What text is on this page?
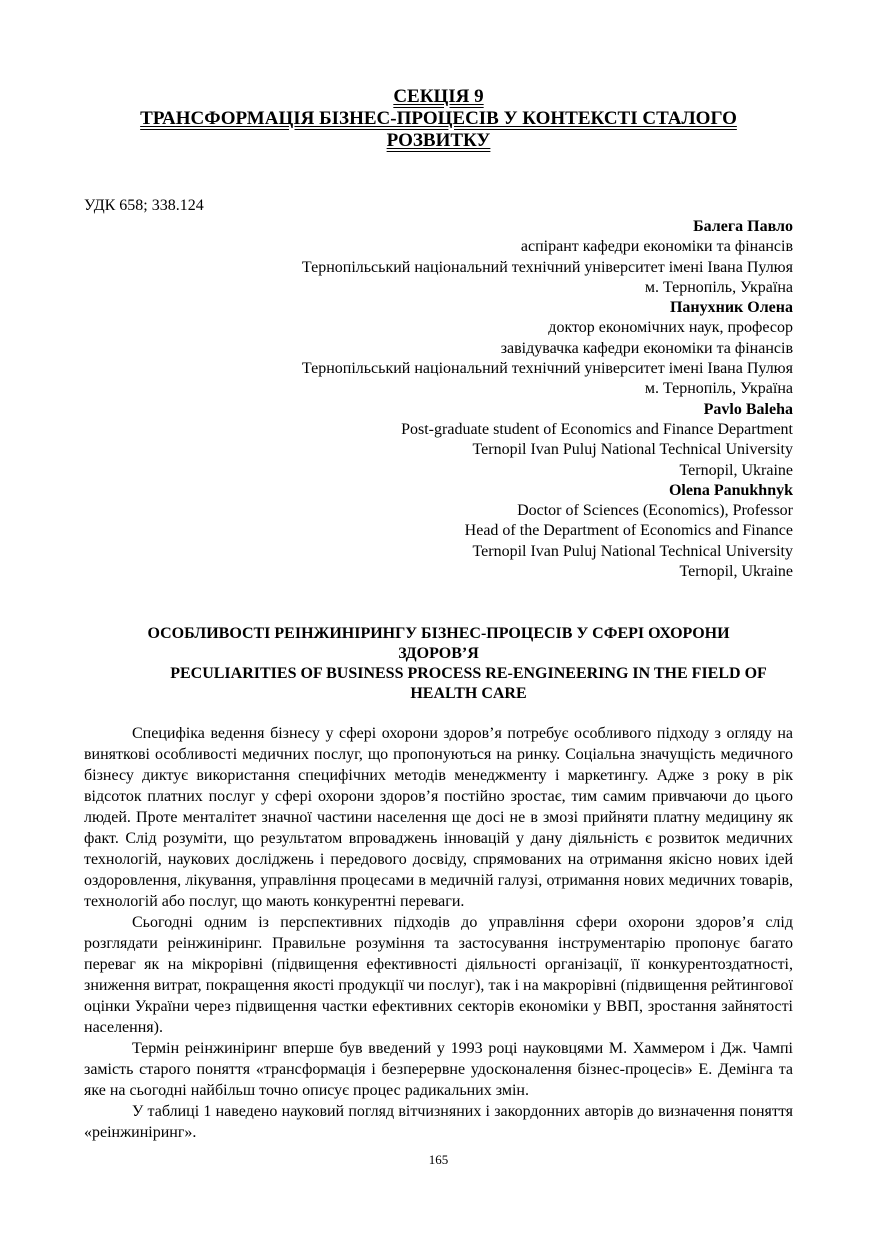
СЕКЦІЯ 9
ТРАНСФОРМАЦІЯ БІЗНЕС-ПРОЦЕСІВ У КОНТЕКСТІ СТАЛОГО
РОЗВИТКУ
УДК 658; 338.124
Балега Павло
аспірант кафедри економіки та фінансів
Тернопільський національний технічний університет імені Івана Пулюя
м. Тернопіль, Україна
Панухник Олена
доктор економічних наук, професор
завідувачка кафедри економіки та фінансів
Тернопільський національний технічний університет імені Івана Пулюя
м. Тернопіль, Україна
Pavlo Baleha
Post-graduate student of Economics and Finance Department
Ternopil Ivan Puluj National Technical University
Ternopil, Ukraine
Olena Panukhnyk
Doctor of Sciences (Economics), Professor
Head of the Department of Economics and Finance
Ternopil Ivan Puluj National Technical University
Ternopil, Ukraine
ОСОБЛИВОСТІ РЕІНЖИНІРИНГУ БІЗНЕС-ПРОЦЕСІВ У СФЕРІ ОХОРОНИ ЗДОРОВ’Я
PECULIARITIES OF BUSINESS PROCESS RE-ENGINEERING IN THE FIELD OF HEALTH CARE

Специфіка ведення бізнесу у сфері охорони здоров’я потребує особливого підходу з огляду на виняткові особливості медичних послуг, що пропонуються на ринку. Соціальна значущість медичного бізнесу диктує використання специфічних методів менеджменту і маркетингу. Адже з року в рік відсоток платних послуг у сфері охорони здоров’я постійно зростає, тим самим привчаючи до цього людей. Проте менталітет значної частини населення ще досі не в змозі прийняти платну медицину як факт. Слід розуміти, що результатом впроваджень інновацій у дану діяльність є розвиток медичних технологій, наукових досліджень і передового досвіду, спрямованих на отримання якісно нових ідей оздоровлення, лікування, управління процесами в медичній галузі, отримання нових медичних товарів, технологій або послуг, що мають конкурентні переваги.

Сьогодні одним із перспективних підходів до управління сфери охорони здоров’я слід розглядати реінжиніринг. Правильне розуміння та застосування інструментарію пропонує багато переваг як на мікрорівні (підвищення ефективності діяльності організації, її конкурентоздатності, зниження витрат, покращення якості продукції чи послуг), так і на макрорівні (підвищення рейтингової оцінки України через підвищення частки ефективних секторів економіки у ВВП, зростання зайнятості населення).

Термін реінжиніринг вперше був введений у 1993 році науковцями М. Хаммером і Дж. Чампі замість старого поняття «трансформація і безперервне удосконалення бізнес-процесів» Е. Демінга та яке на сьогодні найбільш точно описує процес радикальних змін.

У таблиці 1 наведено науковий погляд вітчизняних і закордонних авторів до визначення поняття «реінжиніринг».

165
